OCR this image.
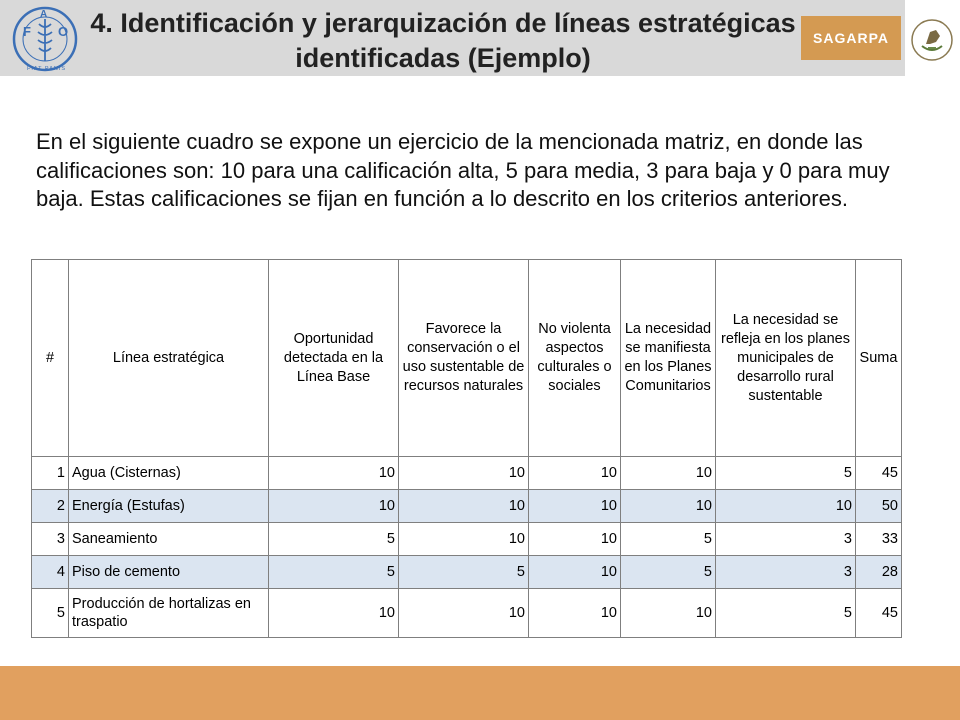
F
A
O
FIAT PANIS
4. Identificación y jerarquización de líneas estratégicas
identificadas (Ejemplo)
SAGARPA
En el siguiente cuadro se expone un ejercicio de la mencionada matriz, en donde las calificaciones son: 10 para una calificación alta, 5 para media, 3 para baja y 0 para muy baja. Estas calificaciones se fijan en función a lo descrito en los criterios anteriores.
#	Línea estratégica	Oportunidad detectada en la Línea Base	Favorece la conservación o el uso sustentable de recursos naturales	No violenta aspectos culturales o sociales	La necesidad se manifiesta en los Planes Comunitarios	La necesidad se refleja en los planes municipales de desarrollo rural sustentable	Suma
1	Agua (Cisternas)	10	10	10	10	5	45
2	Energía (Estufas)	10	10	10	10	10	50
3	Saneamiento	5	10	10	5	3	33
4	Piso de cemento	5	5	10	5	3	28
5	Producción de hortalizas en traspatio	10	10	10	10	5	45
